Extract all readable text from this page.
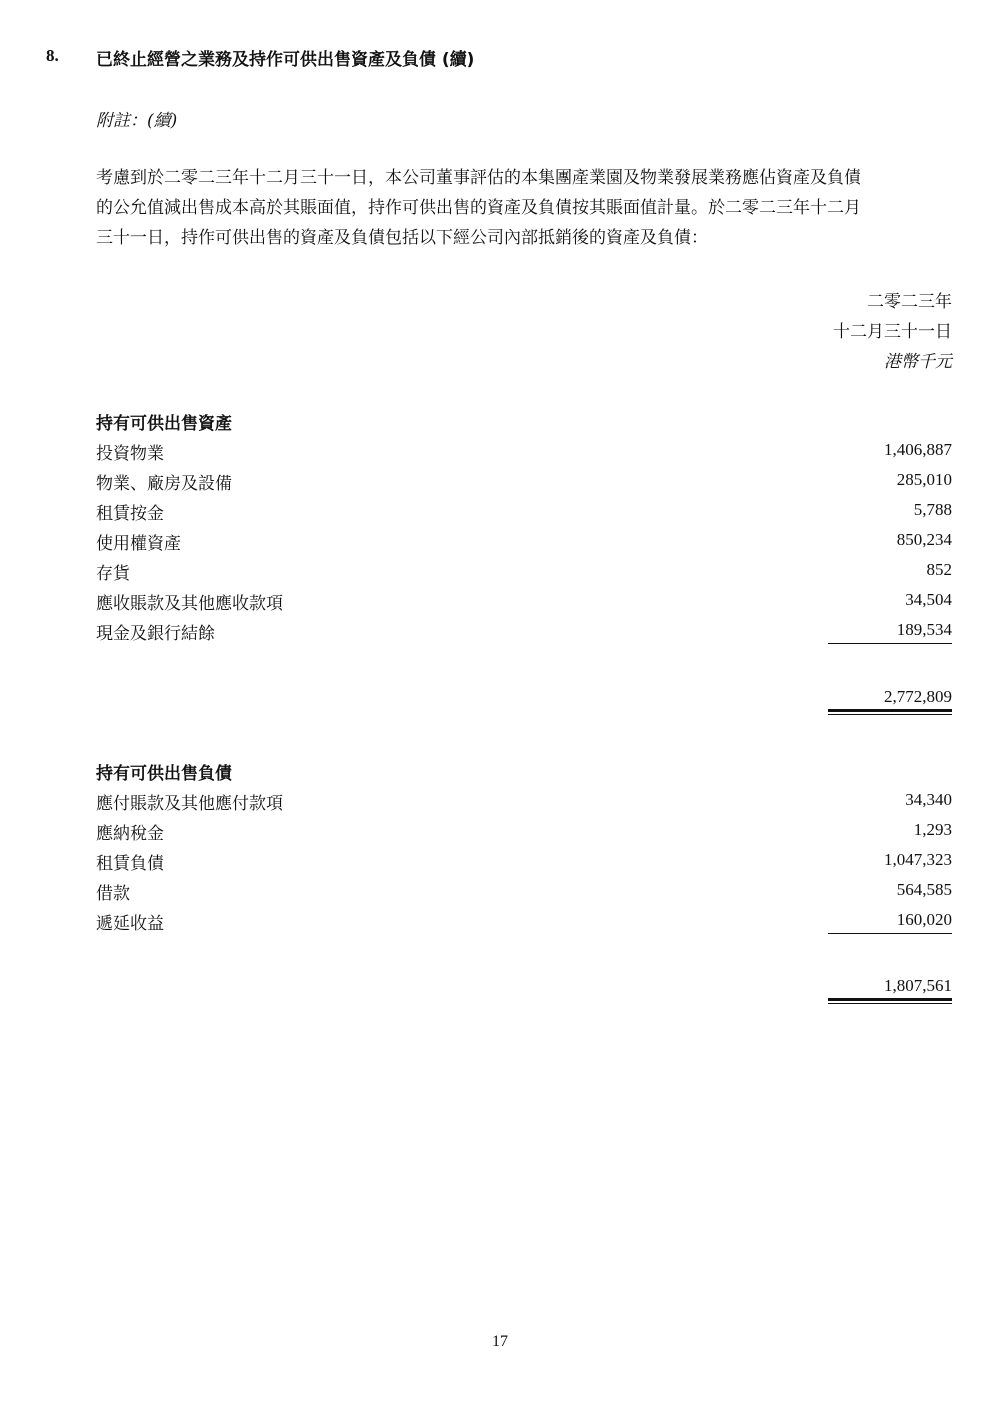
8. 已終止經營之業務及持作可供出售資產及負債 (續)
附註：(續)
考慮到於二零二三年十二月三十一日，本公司董事評估的本集團產業園及物業發展業務應佔資產及負債
的公允值減出售成本高於其賬面值，持作可供出售的資產及負債按其賬面值計量。於二零二三年十二月
三十一日，持作可供出售的資產及負債包括以下經公司內部抵銷後的資產及負債：
二零二三年
十二月三十一日
港幣千元
持有可供出售資產
投資物業	1,406,887
物業、廠房及設備	285,010
租賃按金	5,788
使用權資產	850,234
存貨	852
應收賬款及其他應收款項	34,504
現金及銀行結餘	189,534
2,772,809
持有可供出售負債
應付賬款及其他應付款項	34,340
應納稅金	1,293
租賃負債	1,047,323
借款	564,585
遞延收益	160,020
1,807,561
17
